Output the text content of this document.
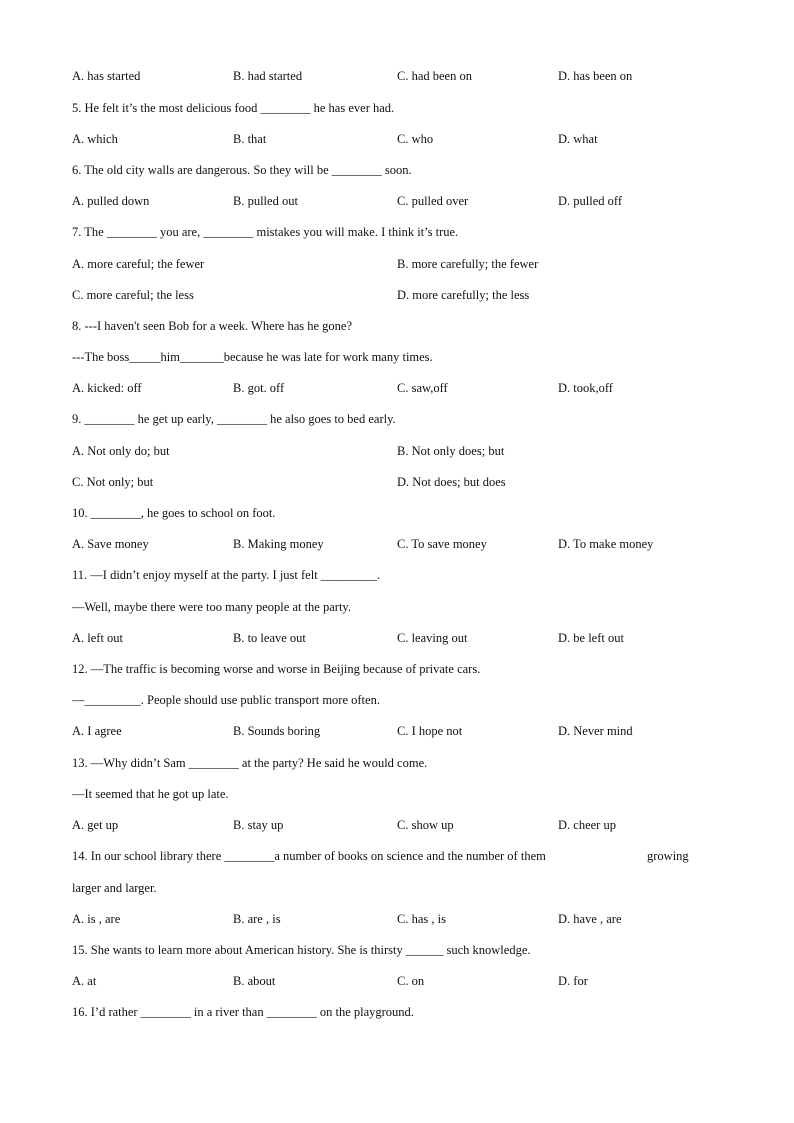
A. has started	B. had started	C. had been on	D. has been on
5. He felt it’s the most delicious food ________ he has ever had.
A. which	B. that	C. who	D. what
6. The old city walls are dangerous. So they will be ________ soon.
A. pulled down	B. pulled out	C. pulled over	D. pulled off
7. The ________ you are, ________ mistakes you will make. I think it’s true.
A. more careful; the fewer	B. more carefully; the fewer
C. more careful; the less	D. more carefully; the less
8. ---I haven't seen Bob for a week. Where has he gone?
---The boss_____him_______because he was late for work many times.
A. kicked: off	B. got. off	C. saw,off	D. took,off
9. ________ he get up early, ________ he also goes to bed early.
A. Not only do; but	B. Not only does; but
C. Not only; but	D. Not does; but does
10. ________, he goes to school on foot.
A. Save money	B. Making money	C. To save money	D. To make money
11. —I didn’t enjoy myself at the party. I just felt _________.
—Well, maybe there were too many people at the party.
A. left out	B. to leave out	C. leaving out	D. be left out
12. —The traffic is becoming worse and worse in Beijing because of private cars.
—_________. People should use public transport more often.
A. I agree	B. Sounds boring	C. I hope not	D. Never mind
13. —Why didn’t Sam ________ at the party? He said he would come.
—It seemed that he got up late.
A. get up	B. stay up	C. show up	D. cheer up
14. In our school library there ________a number of books on science and the number of them	growing
larger and larger.
A. is , are	B. are , is	C. has , is	D. have , are
15. She wants to learn more about American history. She is thirsty ______ such knowledge.
A. at	B. about	C. on	D. for
16. I’d rather ________ in a river than ________ on the playground.
